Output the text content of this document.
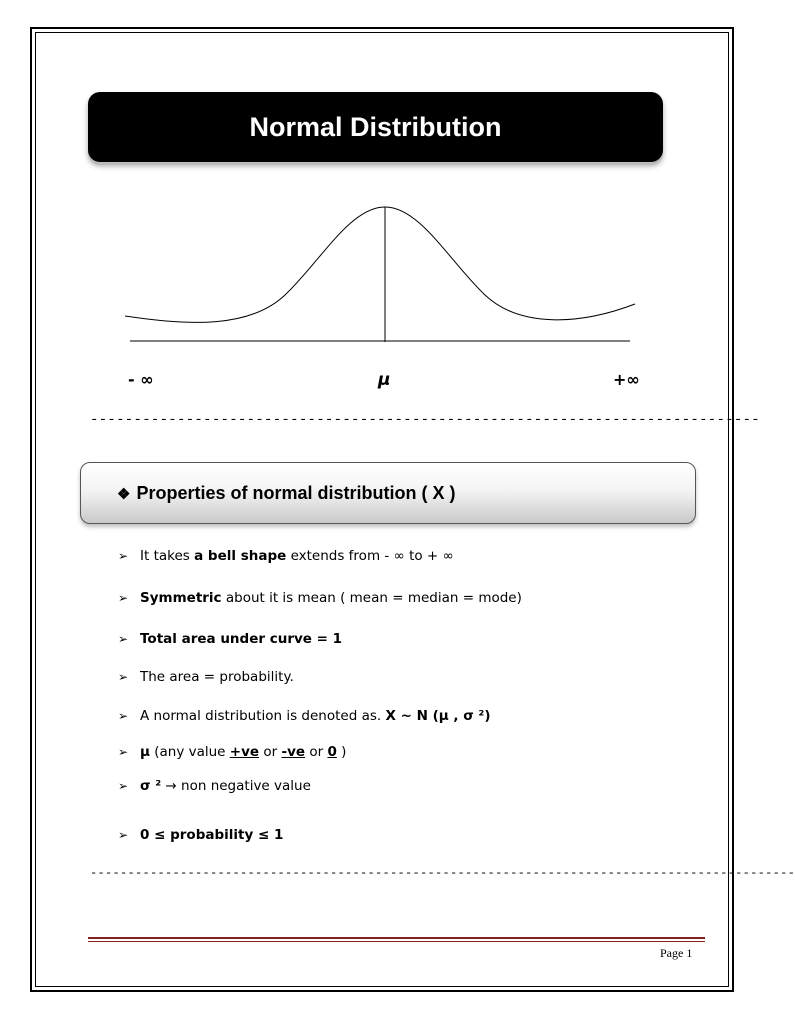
Normal Distribution
- ∞	μ	+∞
-----------------------------------------------------------------------------
❖ Properties of normal distribution ( X )
➢ It takes a bell shape extends from - ∞ to + ∞
➢ Symmetric about it is mean ( mean = median = mode)
➢ Total area under curve = 1
➢ The area = probability.
➢ A normal distribution is denoted as. X ~ N (μ , σ ²)
➢ μ (any value +ve or -ve or 0 )
➢ σ ² → non negative value
➢ 0 ≤ probability ≤ 1
----------------------------------------------------------------------------------------------
Page 1
